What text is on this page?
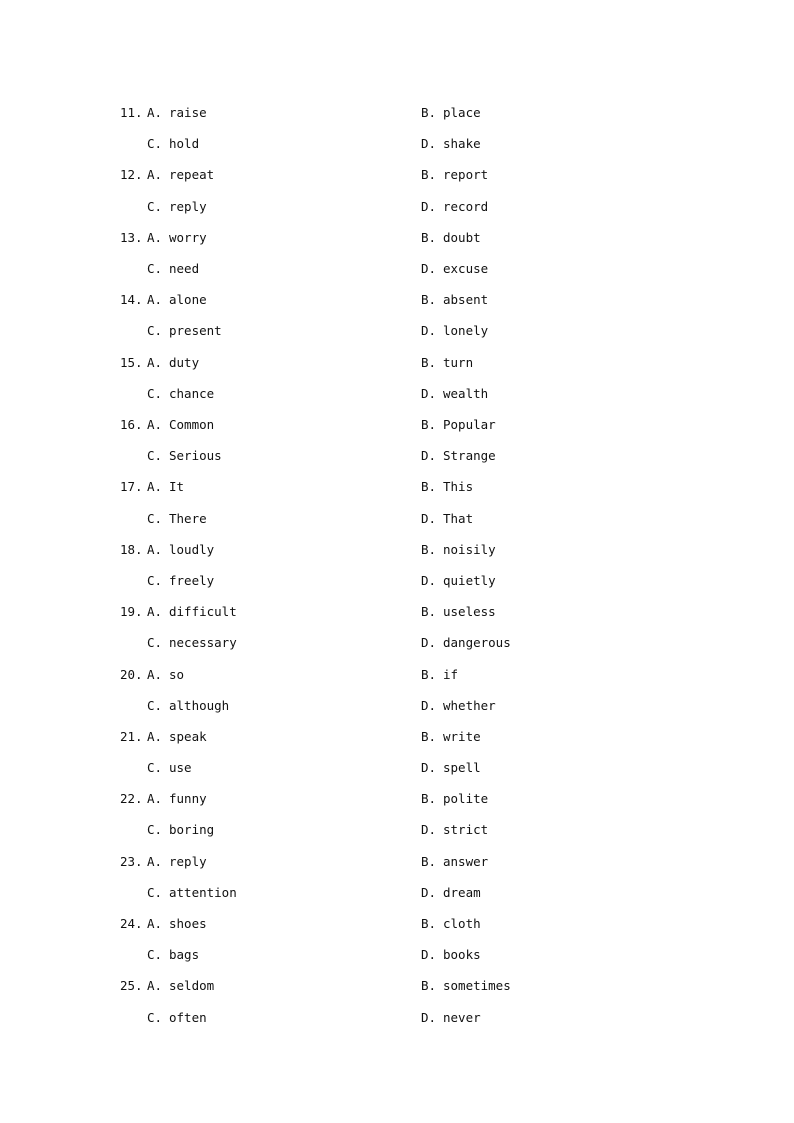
11. A. raise	B. place
C. hold	D. shake
12. A. repeat	B. report
C. reply	D. record
13. A. worry	B. doubt
C. need	D. excuse
14. A. alone	B. absent
C. present	D. lonely
15. A. duty	B. turn
C. chance	D. wealth
16. A. Common	B. Popular
C. Serious	D. Strange
17. A. It	B. This
C. There	D. That
18. A. loudly	B. noisily
C. freely	D. quietly
19. A. difficult	B. useless
C. necessary	D. dangerous
20. A. so	B. if
C. although	D. whether
21. A. speak	B. write
C. use	D. spell
22. A. funny	B. polite
C. boring	D. strict
23. A. reply	B. answer
C. attention	D. dream
24. A. shoes	B. cloth
C. bags	D. books
25. A. seldom	B. sometimes
C. often	D. never
